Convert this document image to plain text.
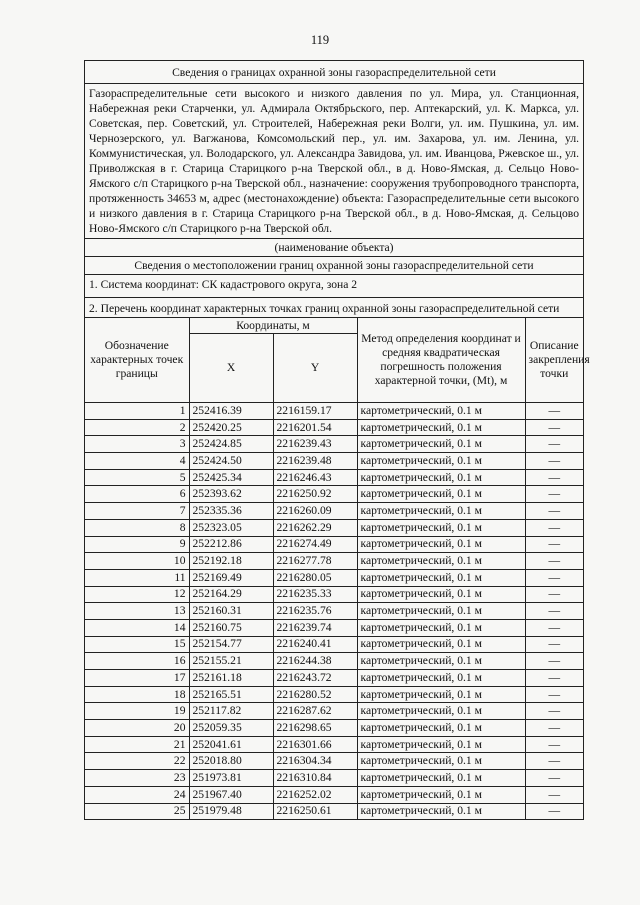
119
Сведения о границах охранной зоны газораспределительной сети
Газораспределительные сети высокого и низкого давления по ул. Мира, ул. Станционная, Набережная реки Старченки, ул. Адмирала Октябрьского, пер. Аптекарский, ул. К. Маркса, ул. Советская, пер. Советский, ул. Строителей, Набережная реки Волги, ул. им. Пушкина, ул. им. Чернозерского, ул. Вагжанова, Комсомольский пер., ул. им. Захарова, ул. им. Ленина, ул. Коммунистическая, ул. Володарского, ул. Александра Завидова, ул. им. Иванцова, Ржевское ш., ул. Приволжская в г. Старица Старицкого р-на Тверской обл., в д. Ново-Ямская, д. Сельцо Ново-Ямского с/п Старицкого р-на Тверской обл., назначение: сооружения трубопроводного транспорта, протяженность 34653 м, адрес (местонахождение) объекта: Газораспределительные сети высокого и низкого давления в г. Старица Старицкого р-на Тверской обл., в д. Ново-Ямская, д. Сельцово Ново-Ямского с/п Старицкого р-на Тверской обл.
(наименование объекта)
Сведения о местоположении границ охранной зоны газораспределительной сети
1. Система координат: СК кадастрового округа, зона 2
2. Перечень координат характерных точках границ охранной зоны газораспределительной сети
Обозначение характерных точек границы	Координаты, м		Метод определения координат и средняя квадратическая погрешность положения характерной точки, (Mt), м	Описание закрепления точки
	X	Y		
1	252416.39	2216159.17	картометрический, 0.1 м	—
2	252420.25	2216201.54	картометрический, 0.1 м	—
3	252424.85	2216239.43	картометрический, 0.1 м	—
4	252424.50	2216239.48	картометрический, 0.1 м	—
5	252425.34	2216246.43	картометрический, 0.1 м	—
6	252393.62	2216250.92	картометрический, 0.1 м	—
7	252335.36	2216260.09	картометрический, 0.1 м	—
8	252323.05	2216262.29	картометрический, 0.1 м	—
9	252212.86	2216274.49	картометрический, 0.1 м	—
10	252192.18	2216277.78	картометрический, 0.1 м	—
11	252169.49	2216280.05	картометрический, 0.1 м	—
12	252164.29	2216235.33	картометрический, 0.1 м	—
13	252160.31	2216235.76	картометрический, 0.1 м	—
14	252160.75	2216239.74	картометрический, 0.1 м	—
15	252154.77	2216240.41	картометрический, 0.1 м	—
16	252155.21	2216244.38	картометрический, 0.1 м	—
17	252161.18	2216243.72	картометрический, 0.1 м	—
18	252165.51	2216280.52	картометрический, 0.1 м	—
19	252117.82	2216287.62	картометрический, 0.1 м	—
20	252059.35	2216298.65	картометрический, 0.1 м	—
21	252041.61	2216301.66	картометрический, 0.1 м	—
22	252018.80	2216304.34	картометрический, 0.1 м	—
23	251973.81	2216310.84	картометрический, 0.1 м	—
24	251967.40	2216252.02	картометрический, 0.1 м	—
25	251979.48	2216250.61	картометрический, 0.1 м	—
